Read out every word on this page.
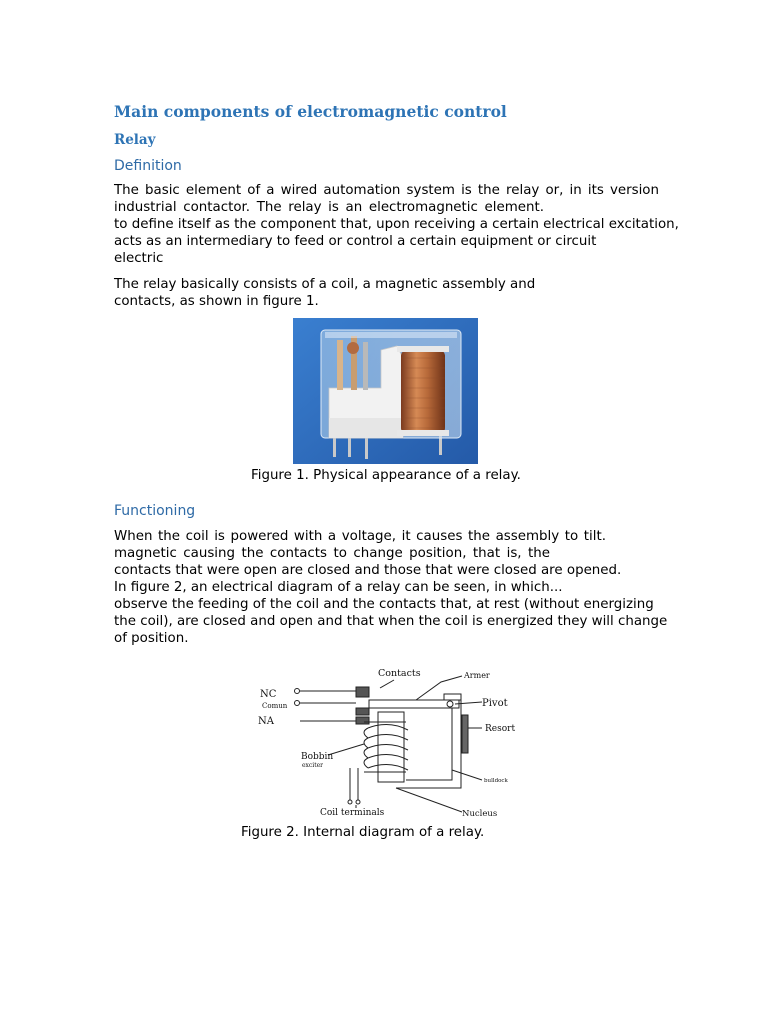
Main components of electromagnetic control
Relay
Definition

The basic element of a wired automation system is the relay or, in its version
industrial contactor. The relay is an electromagnetic element.
to define itself as the component that, upon receiving a certain electrical excitation,
acts as an intermediary to feed or control a certain equipment or circuit
electric

The relay basically consists of a coil, a magnetic assembly and
contacts, as shown in figure 1.

Figure 1. Physical appearance of a relay.
Functioning

When the coil is powered with a voltage, it causes the assembly to tilt.
magnetic causing the contacts to change position, that is, the
contacts that were open are closed and those that were closed are opened.
In figure 2, an electrical diagram of a relay can be seen, in which...
observe the feeding of the coil and the contacts that, at rest (without energizing
the coil), are closed and open and that when the coil is energized they will change
of position.

NC
Comun
NA
Contacts	Armer
Pivot
Resort
Bobbin
exciter
bulldock
Coil terminals	Nucleus
Figure 2. Internal diagram of a relay.
